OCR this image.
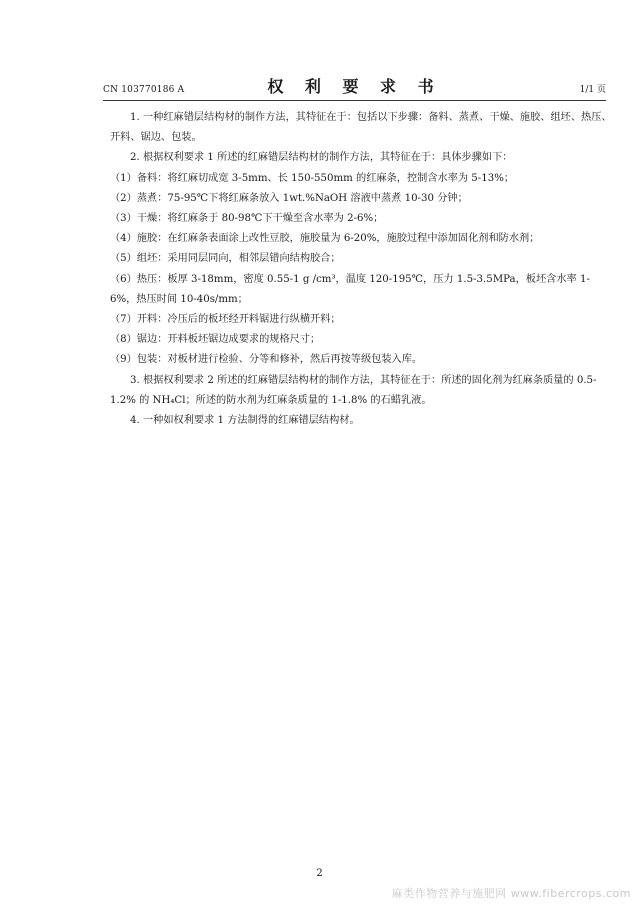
CN 103770186 A	权 利 要 求 书	1/1 页

1. 一种红麻错层结构材的制作方法，其特征在于：包括以下步骤：备料、蒸煮、干燥、施胶、组坯、热压、开料、锯边、包装。

2. 根据权利要求 1 所述的红麻错层结构材的制作方法，其特征在于：具体步骤如下：

（1）备料：将红麻切成宽 3-5mm、长 150-550mm 的红麻条，控制含水率为 5-13%；

（2）蒸煮：75-95℃下将红麻条放入 1wt.%NaOH 溶液中蒸煮 10-30 分钟；

（3）干燥：将红麻条于 80-98℃下干燥至含水率为 2-6%；

（4）施胶：在红麻条表面涂上改性豆胶，施胶量为 6-20%，施胶过程中添加固化剂和防水剂；

（5）组坯：采用同层同向，相邻层错向结构胶合；

（6）热压：板厚 3-18mm，密度 0.55-1 g /cm³，温度 120-195℃，压力 1.5-3.5MPa，板坯含水率 1-6%，热压时间 10-40s/mm；

（7）开料：冷压后的板坯经开料锯进行纵横开料；

（8）锯边：开料板坯锯边成要求的规格尺寸；

（9）包装：对板材进行检验、分等和修补，然后再按等级包装入库。

3. 根据权利要求 2 所述的红麻错层结构材的制作方法，其特征在于：所述的固化剂为红麻条质量的 0.5-1.2% 的 NH₄Cl；所述的防水剂为红麻条质量的 1-1.8% 的石蜡乳液。

4. 一种如权利要求 1 方法制得的红麻错层结构材。

2
麻类作物营养与施肥网 www.fibercrops.com
